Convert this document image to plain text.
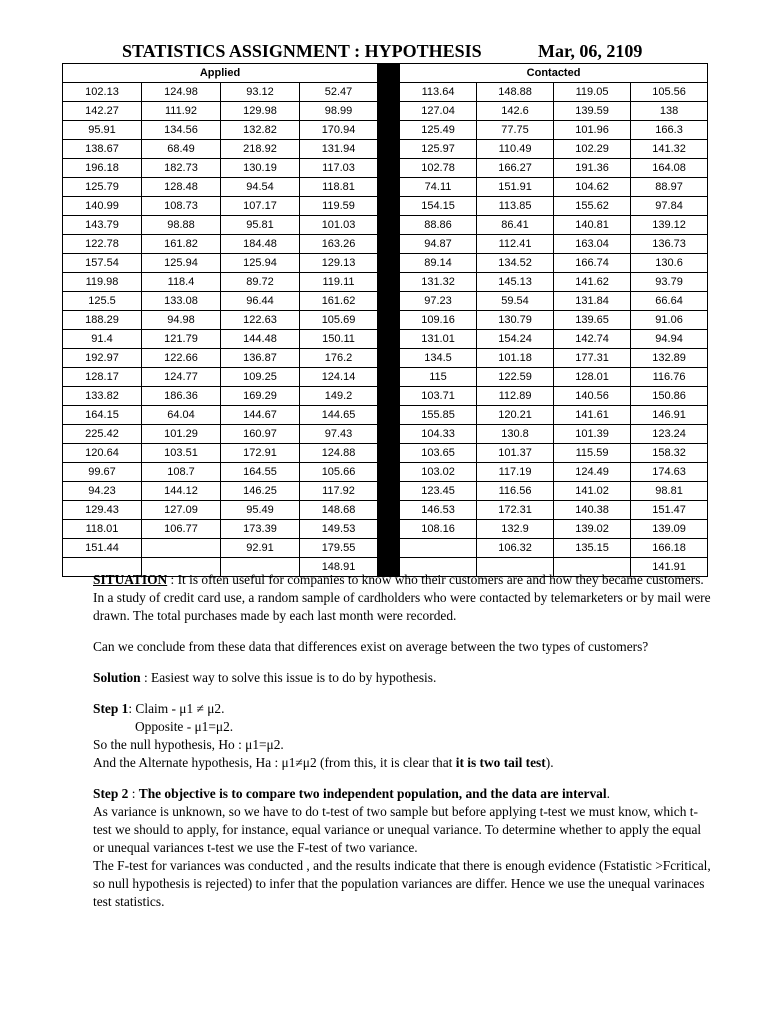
STATISTICS ASSIGNMENT : HYPOTHESIS	Mar, 06, 2109
Applied					Contacted			
102.13	124.98	93.12	52.47		113.64	148.88	119.05	105.56
142.27	111.92	129.98	98.99		127.04	142.6	139.59	138
95.91	134.56	132.82	170.94		125.49	77.75	101.96	166.3
138.67	68.49	218.92	131.94		125.97	110.49	102.29	141.32
196.18	182.73	130.19	117.03		102.78	166.27	191.36	164.08
125.79	128.48	94.54	118.81		74.11	151.91	104.62	88.97
140.99	108.73	107.17	119.59		154.15	113.85	155.62	97.84
143.79	98.88	95.81	101.03		88.86	86.41	140.81	139.12
122.78	161.82	184.48	163.26		94.87	112.41	163.04	136.73
157.54	125.94	125.94	129.13		89.14	134.52	166.74	130.6
119.98	118.4	89.72	119.11		131.32	145.13	141.62	93.79
125.5	133.08	96.44	161.62		97.23	59.54	131.84	66.64
188.29	94.98	122.63	105.69		109.16	130.79	139.65	91.06
91.4	121.79	144.48	150.11		131.01	154.24	142.74	94.94
192.97	122.66	136.87	176.2		134.5	101.18	177.31	132.89
128.17	124.77	109.25	124.14		115	122.59	128.01	116.76
133.82	186.36	169.29	149.2		103.71	112.89	140.56	150.86
164.15	64.04	144.67	144.65		155.85	120.21	141.61	146.91
225.42	101.29	160.97	97.43		104.33	130.8	101.39	123.24
120.64	103.51	172.91	124.88		103.65	101.37	115.59	158.32
99.67	108.7	164.55	105.66		103.02	117.19	124.49	174.63
94.23	144.12	146.25	117.92		123.45	116.56	141.02	98.81
129.43	127.09	95.49	148.68		146.53	172.31	140.38	151.47
118.01	106.77	173.39	149.53		108.16	132.9	139.02	139.09
151.44		92.91	179.55			106.32	135.15	166.18
			148.91					141.91

SITUATION : It is often useful for companies to know who their customers are and how they became customers. In a study of credit card use, a random sample of cardholders who were contacted by telemarketers or by mail were drawn. The total purchases made by each last month were recorded.

Can we conclude from these data that differences exist on average between the two types of customers?

Solution : Easiest way to solve this issue is to do by hypothesis.

Step 1: Claim - μ1 ≠ μ2.

Opposite - μ1=μ2.

So the null hypothesis, Ho : μ1=μ2.

And the Alternate hypothesis, Ha : μ1≠μ2 (from this, it is clear that it is two tail test).

Step 2 : The objective is to compare two independent population, and the data are interval.

As variance is unknown, so we have to do t-test of two sample but before applying t-test we must know, which t- test we should to apply, for instance, equal variance or unequal variance. To determine whether to apply the equal or unequal variances t-test we use the F-test of two variance.

The F-test for variances was conducted , and the results indicate that there is enough evidence (Fstatistic >Fcritical, so null hypothesis is rejected) to infer that the population variances are differ. Hence we use the unequal varinaces test statistics.
